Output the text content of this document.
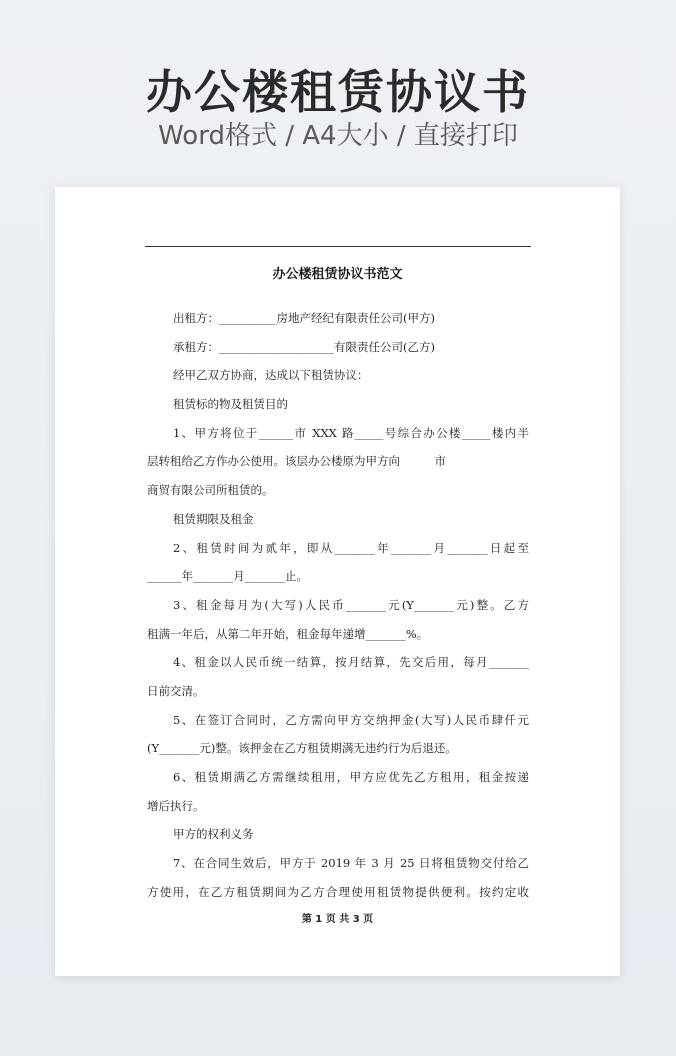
办公楼租赁协议书
Word格式 / A4大小 / 直接打印
办公楼租赁协议书范文
出租方：__________房地产经纪有限责任公司(甲方)
承租方：____________________有限责任公司(乙方)
经甲乙双方协商，达成以下租赁协议：
租赁标的物及租赁目的
1、甲方将位于______市 XXX 路_____号综合办公楼_____楼内半
层转租给乙方作办公使用。该层办公楼原为甲方向　　　市
商贸有限公司所租赁的。
租赁期限及租金
2、租赁时间为贰年，即从_______年_______月_______日起至
______年_______月_______止。
3、租金每月为(大写)人民币_______元(Y_______元)整。乙方
租满一年后，从第二年开始，租金每年递增_______%。
4、租金以人民币统一结算，按月结算，先交后用，每月_______
日前交清。
5、在签订合同时，乙方需向甲方交纳押金(大写)人民币肆仟元
(Y_______元)整。该押金在乙方租赁期满无违约行为后退还。
6、租赁期满乙方需继续租用，甲方应优先乙方租用，租金按递
增后执行。
甲方的权利义务
7、在合同生效后，甲方于 2019 年 3 月 25 日将租赁物交付给乙
方使用，在乙方租赁期间为乙方合理使用租赁物提供便利。按约定收
第 1 页 共 3 页
